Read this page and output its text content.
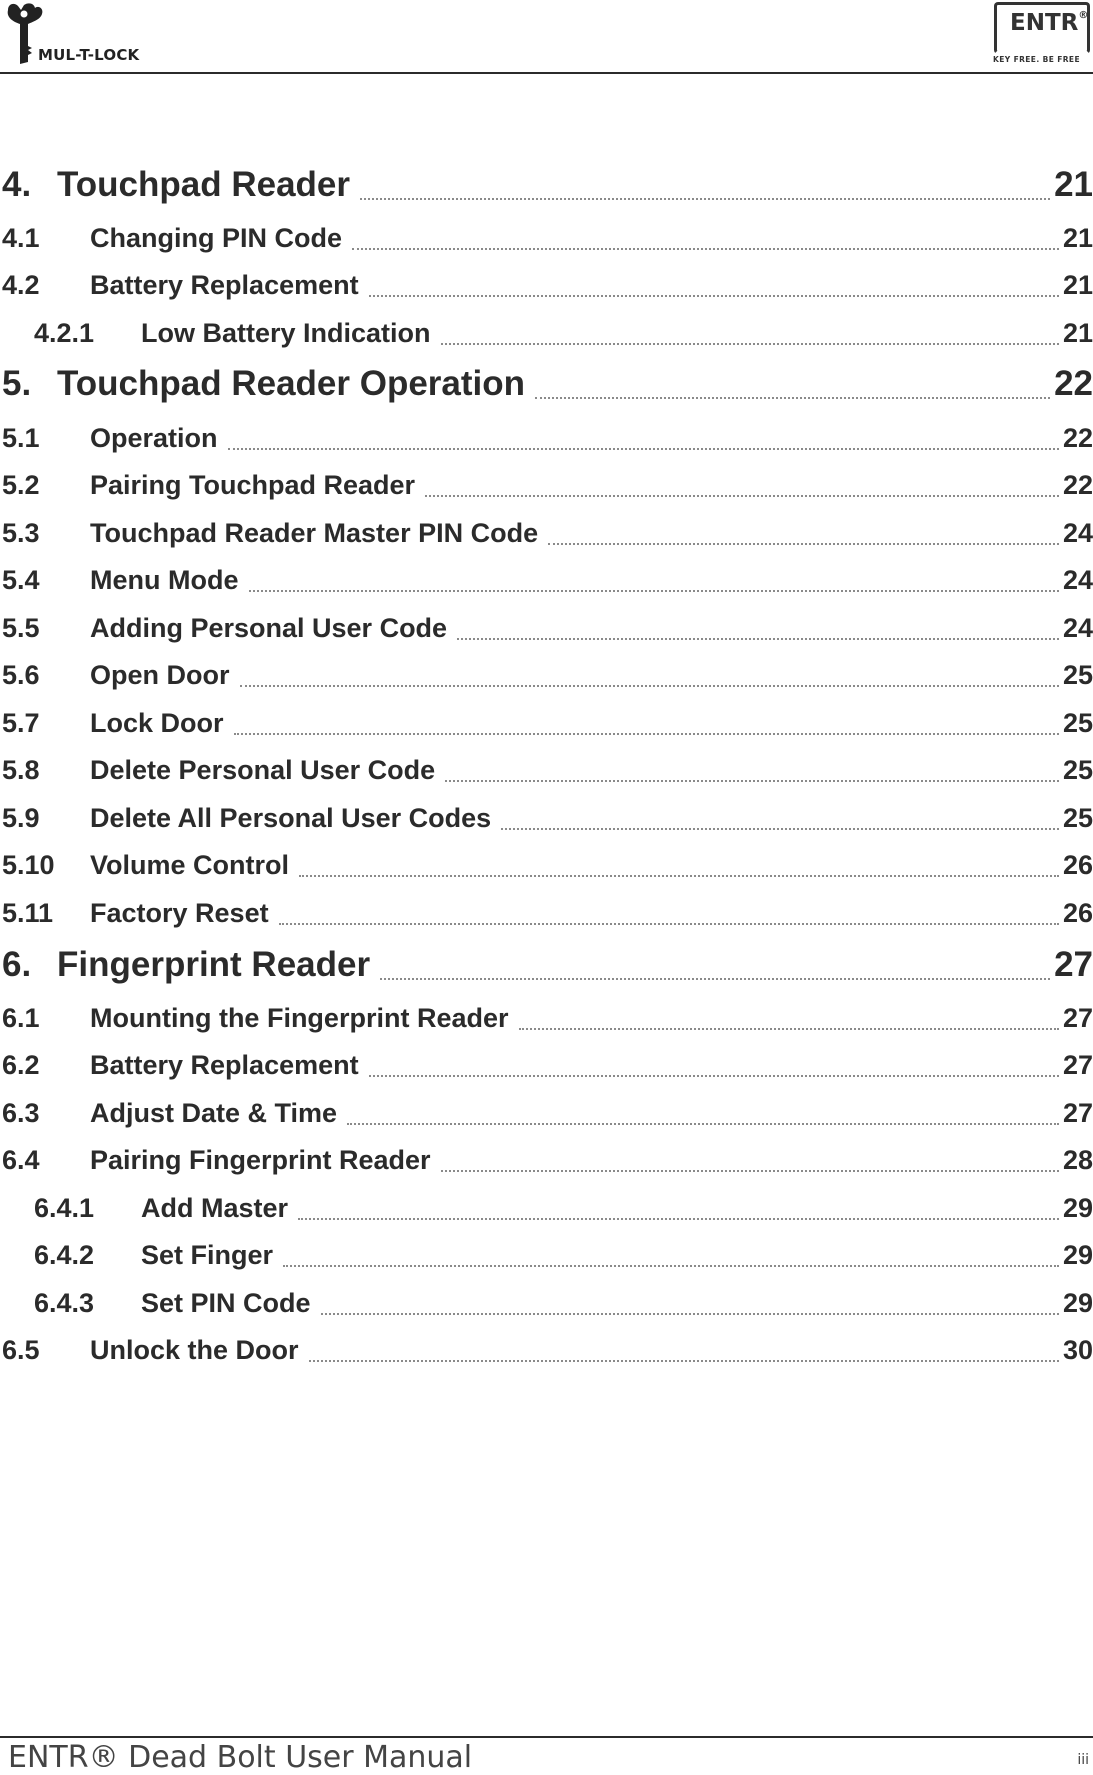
MUL-T-LOCK
ENTR®
KEY FREE. BE FREE
4. Touchpad Reader	21
4.1 Changing PIN Code	21
4.2 Battery Replacement	21
4.2.1 Low Battery Indication	21
5. Touchpad Reader Operation	22
5.1 Operation	22
5.2 Pairing Touchpad Reader	22
5.3 Touchpad Reader Master PIN Code	24
5.4 Menu Mode	24
5.5 Adding Personal User Code	24
5.6 Open Door	25
5.7 Lock Door	25
5.8 Delete Personal User Code	25
5.9 Delete All Personal User Codes	25
5.10 Volume Control	26
5.11 Factory Reset	26
6. Fingerprint Reader	27
6.1 Mounting the Fingerprint Reader	27
6.2 Battery Replacement	27
6.3 Adjust Date & Time	27
6.4 Pairing Fingerprint Reader	28
6.4.1 Add Master	29
6.4.2 Set Finger	29
6.4.3 Set PIN Code	29
6.5 Unlock the Door	30
ENTR® Dead Bolt User Manual	iii
